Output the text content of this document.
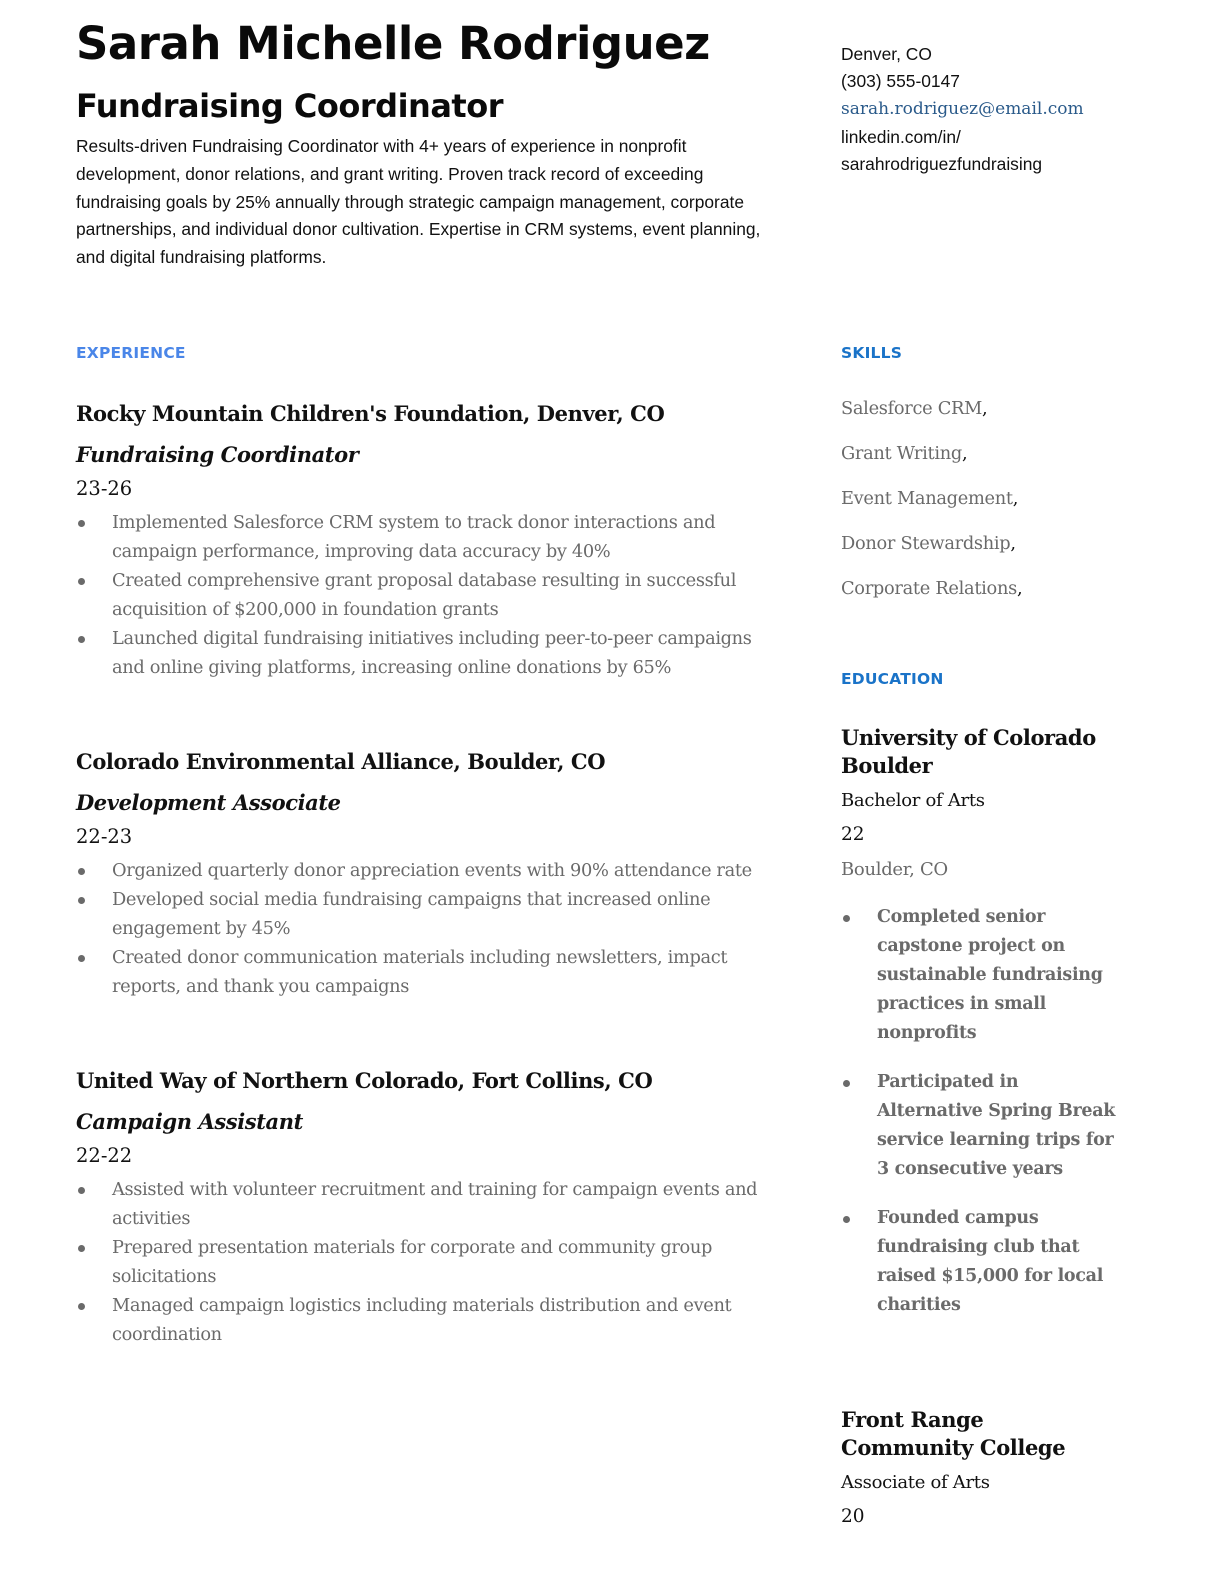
Sarah Michelle Rodriguez
Fundraising Coordinator

Results-driven Fundraising Coordinator with 4+ years of experience in nonprofit development, donor relations, and grant writing. Proven track record of exceeding fundraising goals by 25% annually through strategic campaign management, corporate partnerships, and individual donor cultivation. Expertise in CRM systems, event planning, and digital fundraising platforms.

Denver, CO
(303) 555-0147
sarah.rodriguez@email.com
linkedin.com/in/
sarahrodriguezfundraising
EXPERIENCE	SKILLS
EDUCATION
Rocky Mountain Children's Foundation, Denver, CO
Fundraising Coordinator
23-26
Implemented Salesforce CRM system to track donor interactions and campaign performance, improving data accuracy by 40%
Created comprehensive grant proposal database resulting in successful acquisition of $200,000 in foundation grants
Launched digital fundraising initiatives including peer-to-peer campaigns and online giving platforms, increasing online donations by 65%
Colorado Environmental Alliance, Boulder, CO
Development Associate
22-23
Organized quarterly donor appreciation events with 90% attendance rate
Developed social media fundraising campaigns that increased online engagement by 45%
Created donor communication materials including newsletters, impact reports, and thank you campaigns
United Way of Northern Colorado, Fort Collins, CO
Campaign Assistant
22-22
Assisted with volunteer recruitment and training for campaign events and activities
Prepared presentation materials for corporate and community group solicitations
Managed campaign logistics including materials distribution and event coordination
Salesforce CRM,
Grant Writing,
Event Management,
Donor Stewardship,
Corporate Relations,
University of Colorado Boulder
Bachelor of Arts
22
Boulder, CO
Completed senior capstone project on sustainable fundraising practices in small nonprofits
Participated in Alternative Spring Break service learning trips for 3 consecutive years
Founded campus fundraising club that raised $15,000 for local charities
Front Range Community College
Associate of Arts
20
